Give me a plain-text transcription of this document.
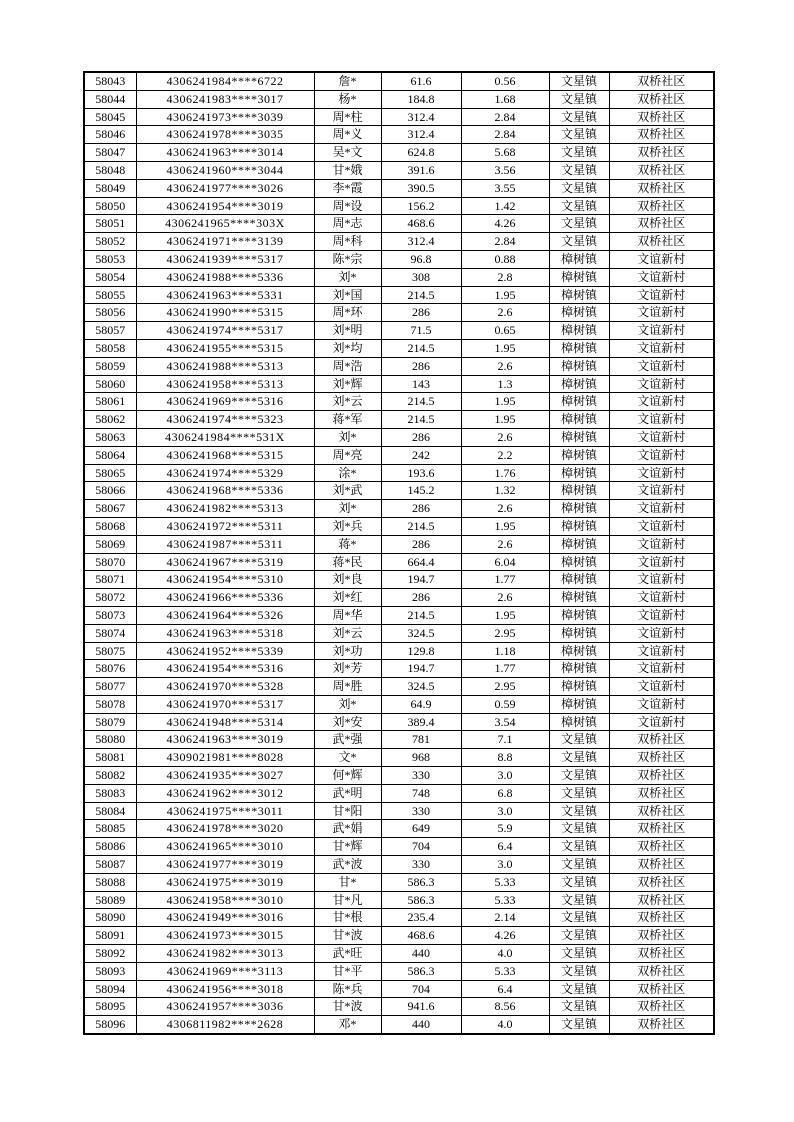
58043	4306241984****6722	詹*	61.6	0.56	文星镇	双桥社区
58044	4306241983****3017	杨*	184.8	1.68	文星镇	双桥社区
58045	4306241973****3039	周*柱	312.4	2.84	文星镇	双桥社区
58046	4306241978****3035	周*义	312.4	2.84	文星镇	双桥社区
58047	4306241963****3014	吴*文	624.8	5.68	文星镇	双桥社区
58048	4306241960****3044	甘*娥	391.6	3.56	文星镇	双桥社区
58049	4306241977****3026	李*霞	390.5	3.55	文星镇	双桥社区
58050	4306241954****3019	周*设	156.2	1.42	文星镇	双桥社区
58051	4306241965****303X	周*志	468.6	4.26	文星镇	双桥社区
58052	4306241971****3139	周*科	312.4	2.84	文星镇	双桥社区
58053	4306241939****5317	陈*宗	96.8	0.88	樟树镇	文谊新村
58054	4306241988****5336	刘*	308	2.8	樟树镇	文谊新村
58055	4306241963****5331	刘*国	214.5	1.95	樟树镇	文谊新村
58056	4306241990****5315	周*环	286	2.6	樟树镇	文谊新村
58057	4306241974****5317	刘*明	71.5	0.65	樟树镇	文谊新村
58058	4306241955****5315	刘*均	214.5	1.95	樟树镇	文谊新村
58059	4306241988****5313	周*浩	286	2.6	樟树镇	文谊新村
58060	4306241958****5313	刘*辉	143	1.3	樟树镇	文谊新村
58061	4306241969****5316	刘*云	214.5	1.95	樟树镇	文谊新村
58062	4306241974****5323	蒋*军	214.5	1.95	樟树镇	文谊新村
58063	4306241984****531X	刘*	286	2.6	樟树镇	文谊新村
58064	4306241968****5315	周*亮	242	2.2	樟树镇	文谊新村
58065	4306241974****5329	涂*	193.6	1.76	樟树镇	文谊新村
58066	4306241968****5336	刘*武	145.2	1.32	樟树镇	文谊新村
58067	4306241982****5313	刘*	286	2.6	樟树镇	文谊新村
58068	4306241972****5311	刘*兵	214.5	1.95	樟树镇	文谊新村
58069	4306241987****5311	蒋*	286	2.6	樟树镇	文谊新村
58070	4306241967****5319	蒋*民	664.4	6.04	樟树镇	文谊新村
58071	4306241954****5310	刘*良	194.7	1.77	樟树镇	文谊新村
58072	4306241966****5336	刘*红	286	2.6	樟树镇	文谊新村
58073	4306241964****5326	周*华	214.5	1.95	樟树镇	文谊新村
58074	4306241963****5318	刘*云	324.5	2.95	樟树镇	文谊新村
58075	4306241952****5339	刘*功	129.8	1.18	樟树镇	文谊新村
58076	4306241954****5316	刘*芳	194.7	1.77	樟树镇	文谊新村
58077	4306241970****5328	周*胜	324.5	2.95	樟树镇	文谊新村
58078	4306241970****5317	刘*	64.9	0.59	樟树镇	文谊新村
58079	4306241948****5314	刘*安	389.4	3.54	樟树镇	文谊新村
58080	4306241963****3019	武*强	781	7.1	文星镇	双桥社区
58081	4309021981****8028	文*	968	8.8	文星镇	双桥社区
58082	4306241935****3027	何*辉	330	3.0	文星镇	双桥社区
58083	4306241962****3012	武*明	748	6.8	文星镇	双桥社区
58084	4306241975****3011	甘*阳	330	3.0	文星镇	双桥社区
58085	4306241978****3020	武*娟	649	5.9	文星镇	双桥社区
58086	4306241965****3010	甘*辉	704	6.4	文星镇	双桥社区
58087	4306241977****3019	武*波	330	3.0	文星镇	双桥社区
58088	4306241975****3019	甘*	586.3	5.33	文星镇	双桥社区
58089	4306241958****3010	甘*凡	586.3	5.33	文星镇	双桥社区
58090	4306241949****3016	甘*根	235.4	2.14	文星镇	双桥社区
58091	4306241973****3015	甘*波	468.6	4.26	文星镇	双桥社区
58092	4306241982****3013	武*旺	440	4.0	文星镇	双桥社区
58093	4306241969****3113	甘*平	586.3	5.33	文星镇	双桥社区
58094	4306241956****3018	陈*兵	704	6.4	文星镇	双桥社区
58095	4306241957****3036	甘*波	941.6	8.56	文星镇	双桥社区
58096	4306811982****2628	邓*	440	4.0	文星镇	双桥社区
